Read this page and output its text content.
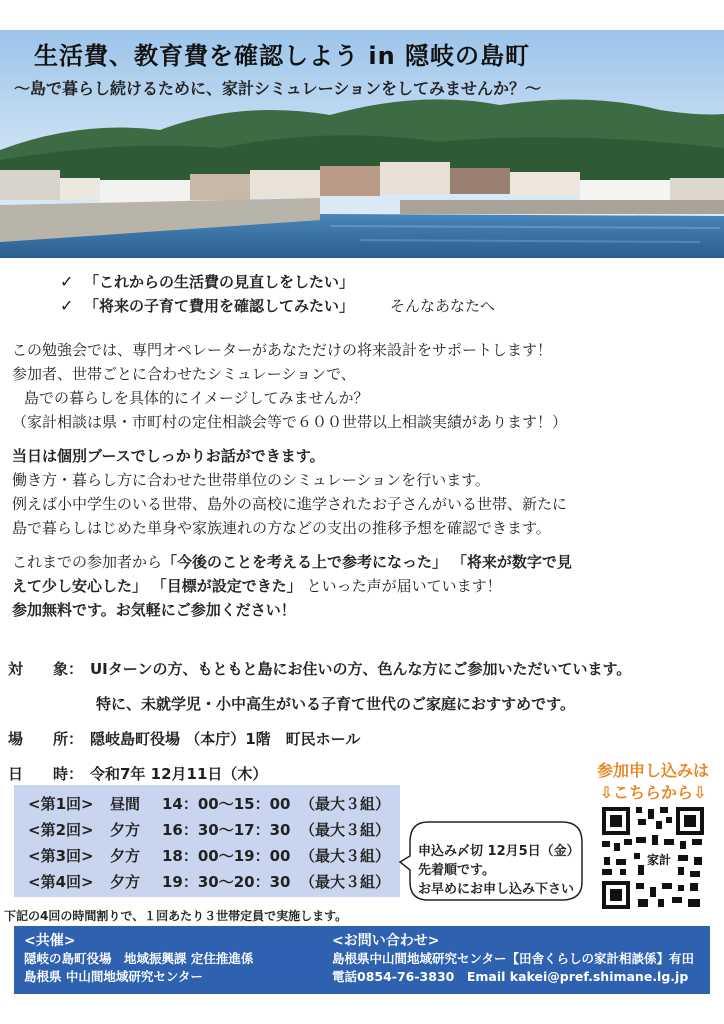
生活費、教育費を確認しよう in 隠岐の島町
〜島で暮らし続けるために、家計シミュレーションをしてみませんか？〜
✓ 「これからの生活費の見直しをしたい」
✓ 「将来の子育て費用を確認してみたい」 そんなあなたへ
この勉強会では、専門オペレーターがあなただけの将来設計をサポートします！
参加者、世帯ごとに合わせたシミュレーションで、
島での暮らしを具体的にイメージしてみませんか？
（家計相談は県・市町村の定住相談会等で６００世帯以上相談実績があります！）
当日は個別ブースでしっかりお話ができます。
働き方・暮らし方に合わせた世帯単位のシミュレーションを行います。
例えば小中学生のいる世帯、島外の高校に進学されたお子さんがいる世帯、新たに
島で暮らしはじめた単身や家族連れの方などの支出の推移予想を確認できます。
これまでの参加者から「今後のことを考える上で参考になった」 「将来が数字で見
えて少し安心した」 「目標が設定できた」 といった声が届いています！
参加無料です。お気軽にご参加ください！
対　　象： UIターンの方、もともと島にお住いの方、色んな方にご参加いただいています。
特に、未就学児・小中高生がいる子育て世代のご家庭におすすめです。
場　　所： 隠岐島町役場 （本庁）1階　町民ホール
日　　時： 令和7年 12月11日（木）
<第1回> 昼間 14：00〜15：00 （最大３組）
<第2回> 夕方 16：30〜17：30 （最大３組）
<第3回> 夕方 18：00〜19：00 （最大３組）
<第4回> 夕方 19：30〜20：30 （最大３組）
申込み〆切 12月5日（金）
先着順です。
お早めにお申し込み下さい
参加申し込みは
⇩こちらから⇩
家計
下記の4回の時間割りで、１回あたり３世帯定員で実施します。
<共催>
隠岐の島町役場　地域振興課 定住推進係
島根県 中山間地域研究センター
<お問い合わせ>
島根県中山間地域研究センター【田舎くらしの家計相談係】有田
電話0854-76-3830　Email kakei@pref.shimane.lg.jp
